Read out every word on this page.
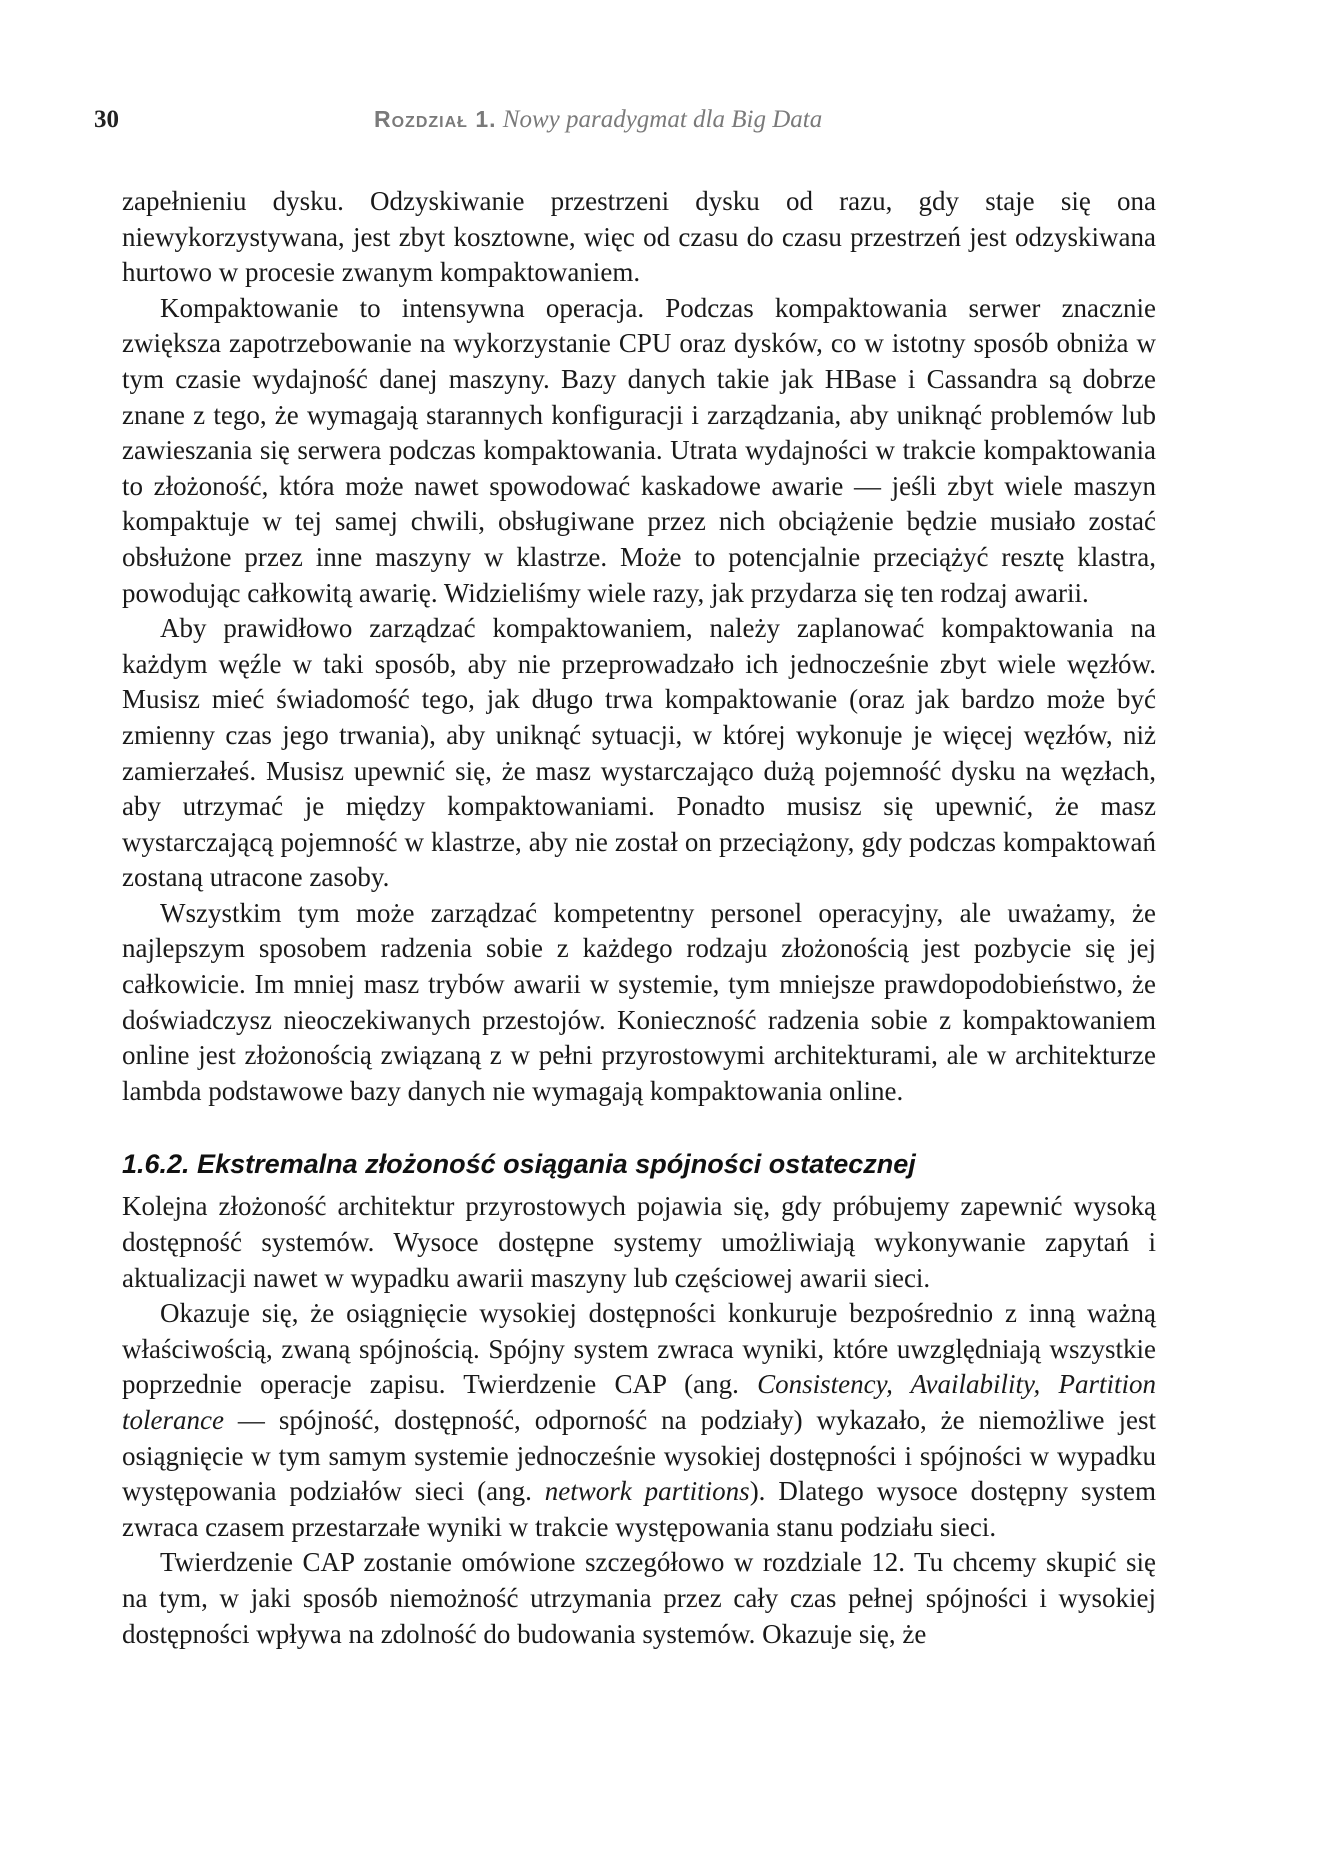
30	Rozdział 1. Nowy paradygmat dla Big Data

zapełnieniu dysku. Odzyskiwanie przestrzeni dysku od razu, gdy staje się ona niewykorzystywana, jest zbyt kosztowne, więc od czasu do czasu przestrzeń jest odzyskiwana hurtowo w procesie zwanym kompaktowaniem.

Kompaktowanie to intensywna operacja. Podczas kompaktowania serwer znacznie zwiększa zapotrzebowanie na wykorzystanie CPU oraz dysków, co w istotny sposób obniża w tym czasie wydajność danej maszyny. Bazy danych takie jak HBase i Cassandra są dobrze znane z tego, że wymagają starannych konfiguracji i zarządzania, aby uniknąć problemów lub zawieszania się serwera podczas kompaktowania. Utrata wydajności w trakcie kompaktowania to złożoność, która może nawet spowodować kaskadowe awarie — jeśli zbyt wiele maszyn kompaktuje w tej samej chwili, obsługiwane przez nich obciążenie będzie musiało zostać obsłużone przez inne maszyny w klastrze. Może to potencjalnie przeciążyć resztę klastra, powodując całkowitą awarię. Widzieliśmy wiele razy, jak przydarza się ten rodzaj awarii.

Aby prawidłowo zarządzać kompaktowaniem, należy zaplanować kompaktowania na każdym węźle w taki sposób, aby nie przeprowadzało ich jednocześnie zbyt wiele węzłów. Musisz mieć świadomość tego, jak długo trwa kompaktowanie (oraz jak bardzo może być zmienny czas jego trwania), aby uniknąć sytuacji, w której wykonuje je więcej węzłów, niż zamierzałeś. Musisz upewnić się, że masz wystarczająco dużą pojemność dysku na węzłach, aby utrzymać je między kompaktowaniami. Ponadto musisz się upewnić, że masz wystarczającą pojemność w klastrze, aby nie został on przeciążony, gdy podczas kompaktowań zostaną utracone zasoby.

Wszystkim tym może zarządzać kompetentny personel operacyjny, ale uważamy, że najlepszym sposobem radzenia sobie z każdego rodzaju złożonością jest pozbycie się jej całkowicie. Im mniej masz trybów awarii w systemie, tym mniejsze prawdopodobieństwo, że doświadczysz nieoczekiwanych przestojów. Konieczność radzenia sobie z kompaktowaniem online jest złożonością związaną z w pełni przyrostowymi architekturami, ale w architekturze lambda podstawowe bazy danych nie wymagają kompaktowania online.

1.6.2. Ekstremalna złożoność osiągania spójności ostatecznej

Kolejna złożoność architektur przyrostowych pojawia się, gdy próbujemy zapewnić wysoką dostępność systemów. Wysoce dostępne systemy umożliwiają wykonywanie zapytań i aktualizacji nawet w wypadku awarii maszyny lub częściowej awarii sieci.

Okazuje się, że osiągnięcie wysokiej dostępności konkuruje bezpośrednio z inną ważną właściwością, zwaną spójnością. Spójny system zwraca wyniki, które uwzględniają wszystkie poprzednie operacje zapisu. Twierdzenie CAP (ang. Consistency, Availability, Partition tolerance — spójność, dostępność, odporność na podziały) wykazało, że niemożliwe jest osiągnięcie w tym samym systemie jednocześnie wysokiej dostępności i spójności w wypadku występowania podziałów sieci (ang. network partitions). Dlatego wysoce dostępny system zwraca czasem przestarzałe wyniki w trakcie występowania stanu podziału sieci.

Twierdzenie CAP zostanie omówione szczegółowo w rozdziale 12. Tu chcemy skupić się na tym, w jaki sposób niemożność utrzymania przez cały czas pełnej spójności i wysokiej dostępności wpływa na zdolność do budowania systemów. Okazuje się, że
